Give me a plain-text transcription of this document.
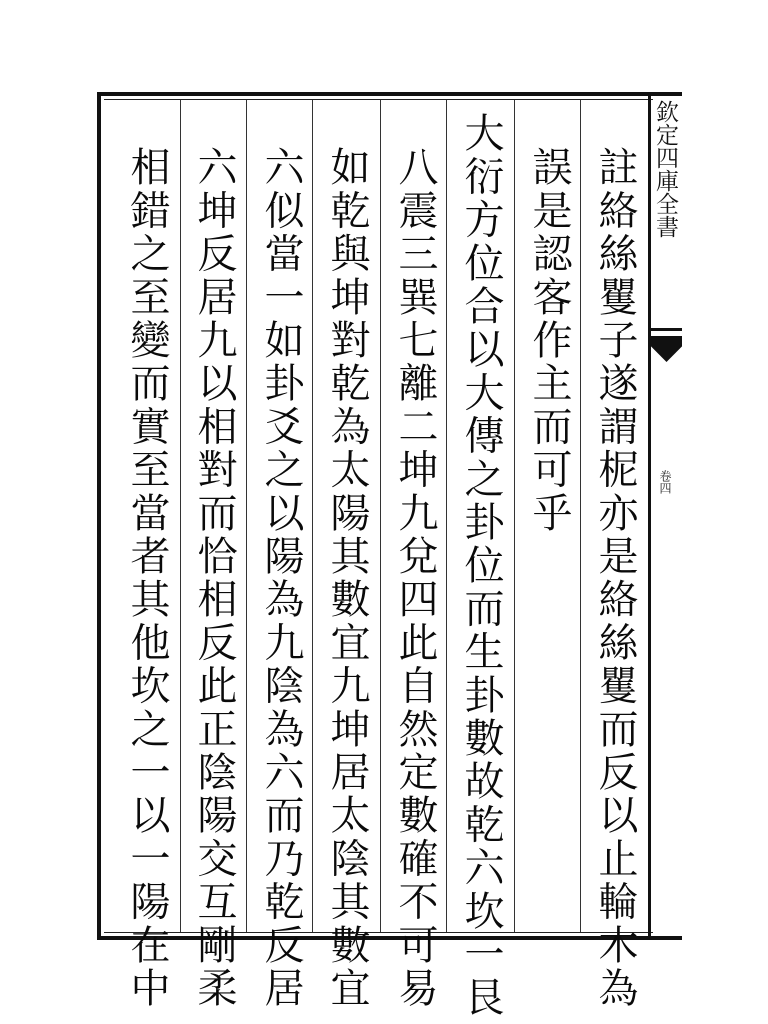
欽定四庫全書
卷四
註絡絲矍子遂謂柅亦是絡絲矍而反以止輪木為
誤是認客作主而可乎
大衍方位合以大傳之卦位而生卦數故乾六坎一艮
八震三巽七離二坤九兌四此自然定數確不可易
如乾與坤對乾為太陽其數宜九坤居太陰其數宜
六似當一如卦爻之以陽為九陰為六而乃乾反居
六坤反居九以相對而恰相反此正陰陽交互剛柔
相錯之至變而實至當者其他坎之一以一陽在中
